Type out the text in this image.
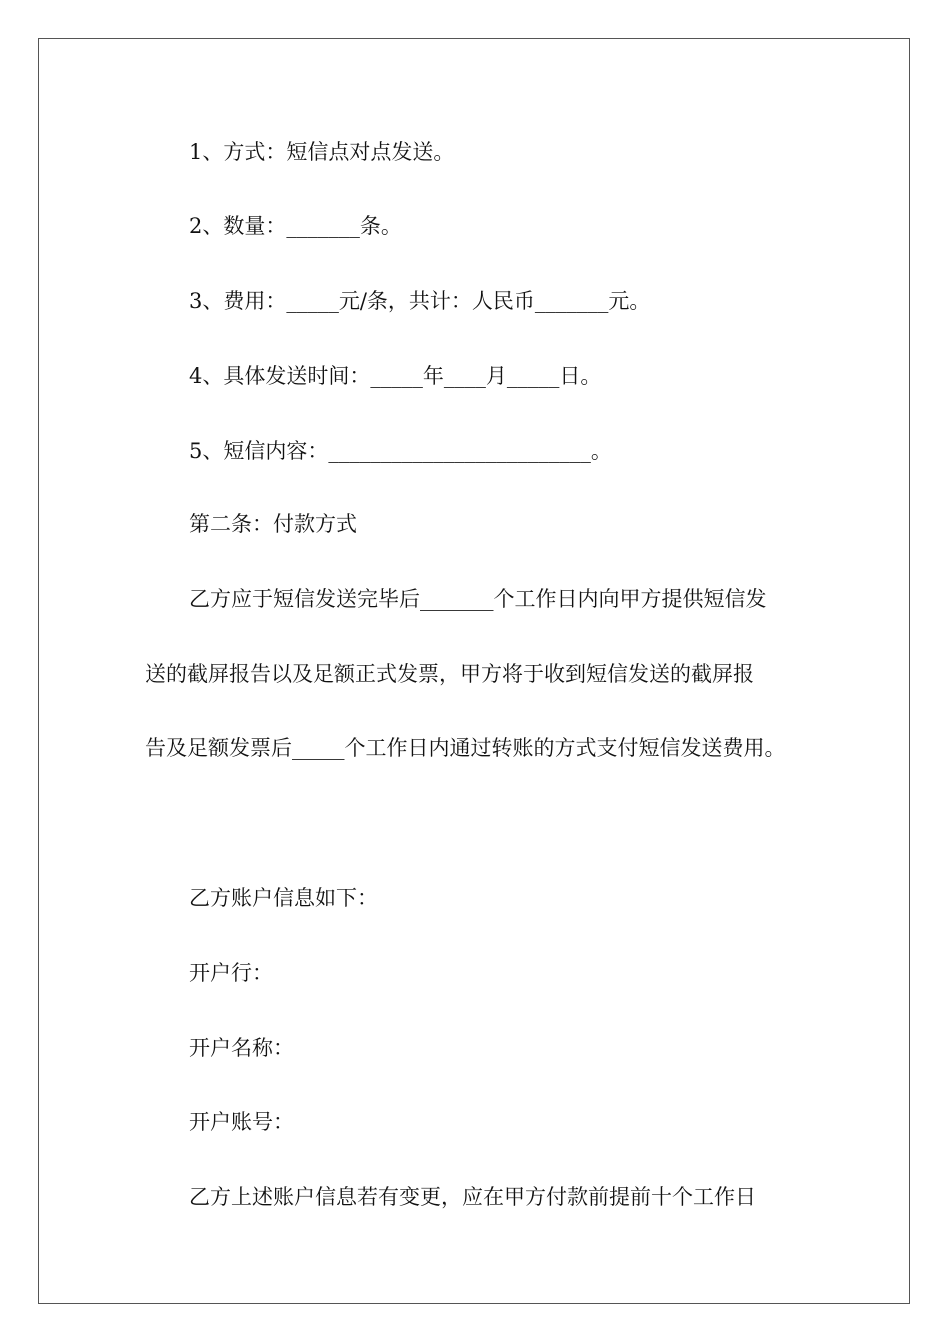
1、方式：短信点对点发送。
2、数量：_______条。
3、费用：_____元/条，共计：人民币_______元。
4、具体发送时间：_____年____月_____日。
5、短信内容：_________________________。
第二条：付款方式
乙方应于短信发送完毕后_______个工作日内向甲方提供短信发
送的截屏报告以及足额正式发票，甲方将于收到短信发送的截屏报
告及足额发票后_____个工作日内通过转账的方式支付短信发送费用。
乙方账户信息如下：
开户行：
开户名称：
开户账号：
乙方上述账户信息若有变更，应在甲方付款前提前十个工作日
